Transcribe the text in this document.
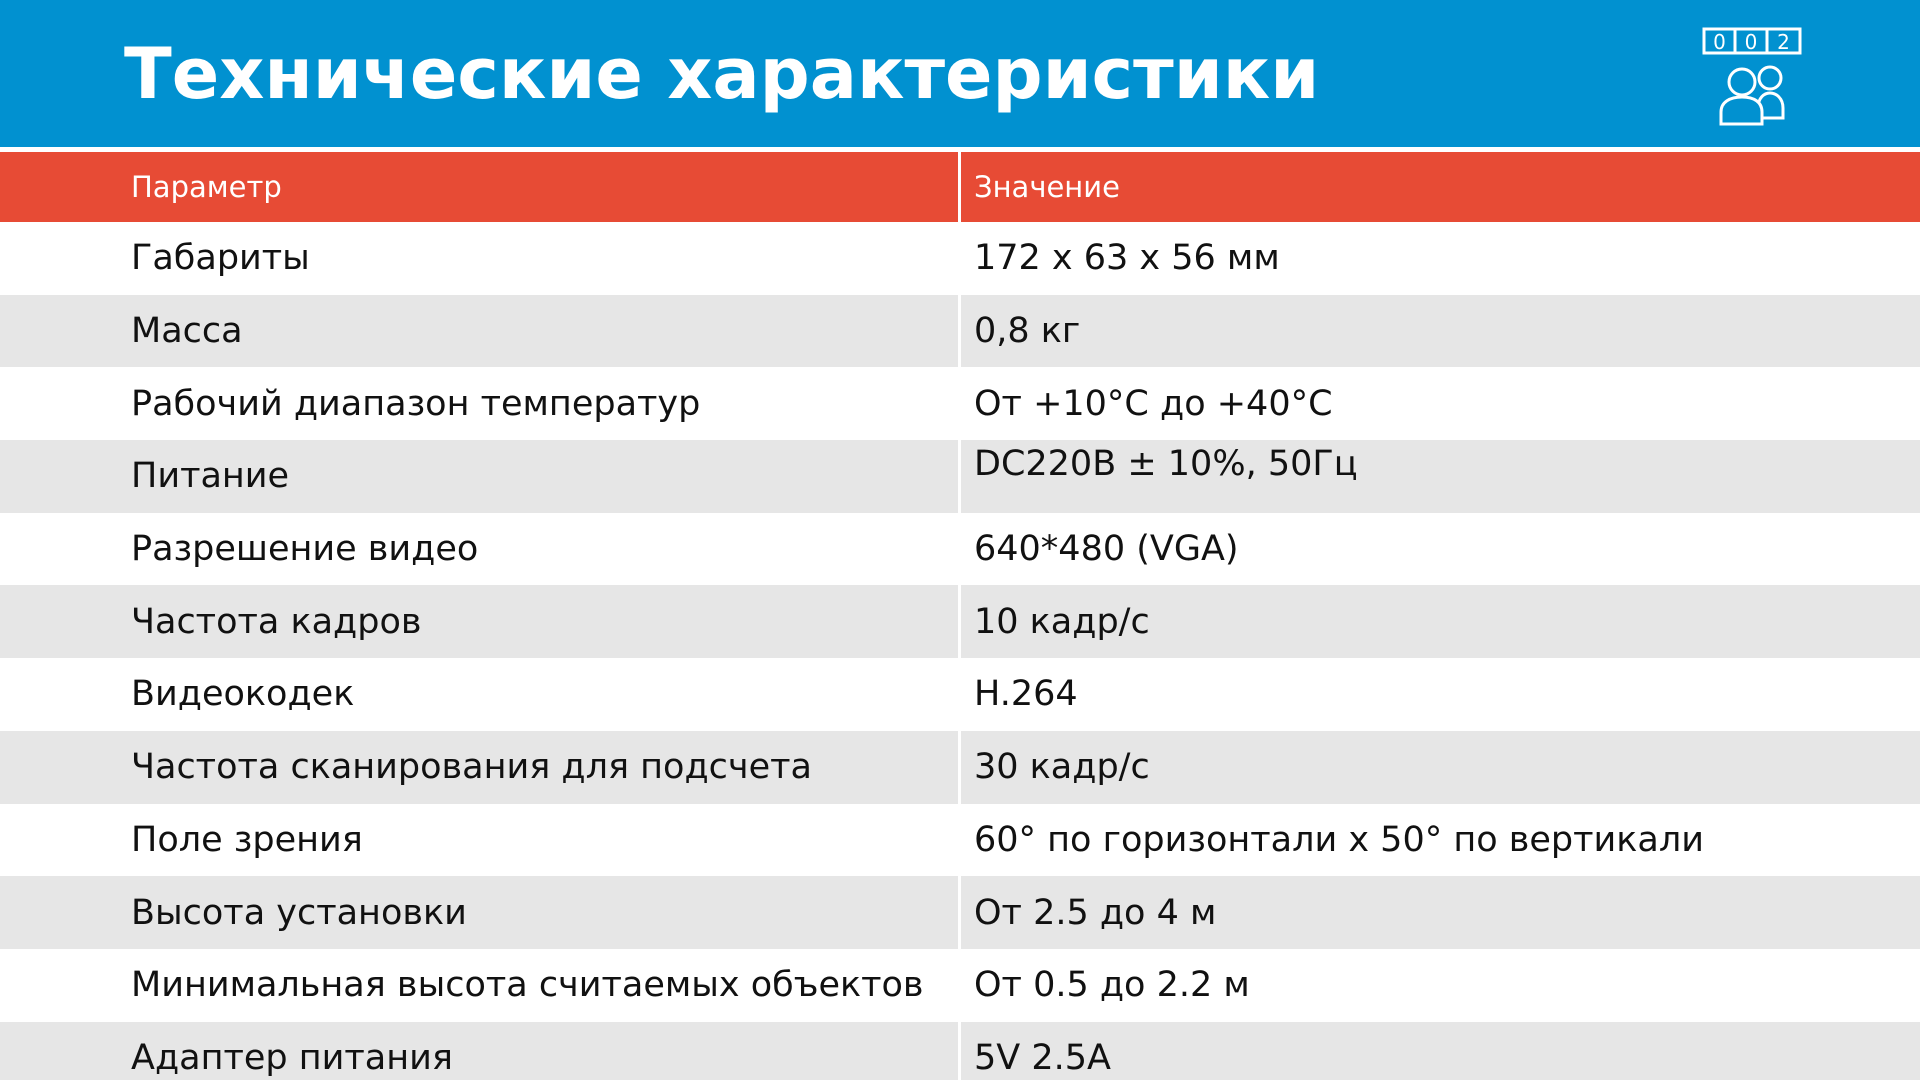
Технические характеристики	0 0 2
Параметр	Значение
Габариты	172 x 63 x 56 мм
Масса	0,8 кг
Рабочий диапазон температур	От +10°C до +40°C
Питание	DC220В ± 10%, 50Гц
Разрешение видео	640*480 (VGA)
Частота кадров	10 кадр/с
Видеокодек	H.264
Частота сканирования для подсчета	30 кадр/с
Поле зрения	60° по горизонтали x 50° по вертикали
Высота установки	От 2.5 до 4 м
Минимальная высота считаемых объектов	От 0.5 до 2.2 м
Адаптер питания	5V 2.5A
